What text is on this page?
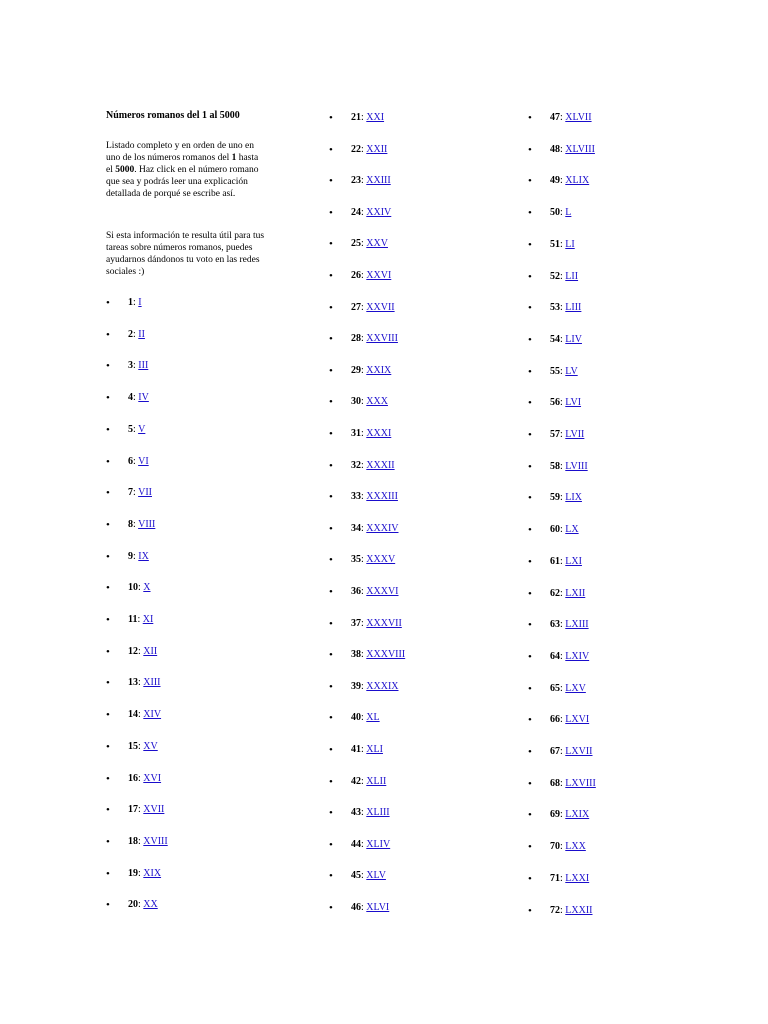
Números romanos del 1 al 5000
Listado completo y en orden de uno en uno de los números romanos del 1 hasta el 5000. Haz click en el número romano que sea y podrás leer una explicación detallada de porqué se escribe así.
Si esta información te resulta útil para tus tareas sobre números romanos, puedes ayudarnos dándonos tu voto en las redes sociales :)
• 1: I
• 2: II
• 3: III
• 4: IV
• 5: V
• 6: VI
• 7: VII
• 8: VIII
• 9: IX
• 10: X
• 11: XI
• 12: XII
• 13: XIII
• 14: XIV
• 15: XV
• 16: XVI
• 17: XVII
• 18: XVIII
• 19: XIX
• 20: XX
• 21: XXI
• 22: XXII
• 23: XXIII
• 24: XXIV
• 25: XXV
• 26: XXVI
• 27: XXVII
• 28: XXVIII
• 29: XXIX
• 30: XXX
• 31: XXXI
• 32: XXXII
• 33: XXXIII
• 34: XXXIV
• 35: XXXV
• 36: XXXVI
• 37: XXXVII
• 38: XXXVIII
• 39: XXXIX
• 40: XL
• 41: XLI
• 42: XLII
• 43: XLIII
• 44: XLIV
• 45: XLV
• 46: XLVI
• 47: XLVII
• 48: XLVIII
• 49: XLIX
• 50: L
• 51: LI
• 52: LII
• 53: LIII
• 54: LIV
• 55: LV
• 56: LVI
• 57: LVII
• 58: LVIII
• 59: LIX
• 60: LX
• 61: LXI
• 62: LXII
• 63: LXIII
• 64: LXIV
• 65: LXV
• 66: LXVI
• 67: LXVII
• 68: LXVIII
• 69: LXIX
• 70: LXX
• 71: LXXI
• 72: LXXII
